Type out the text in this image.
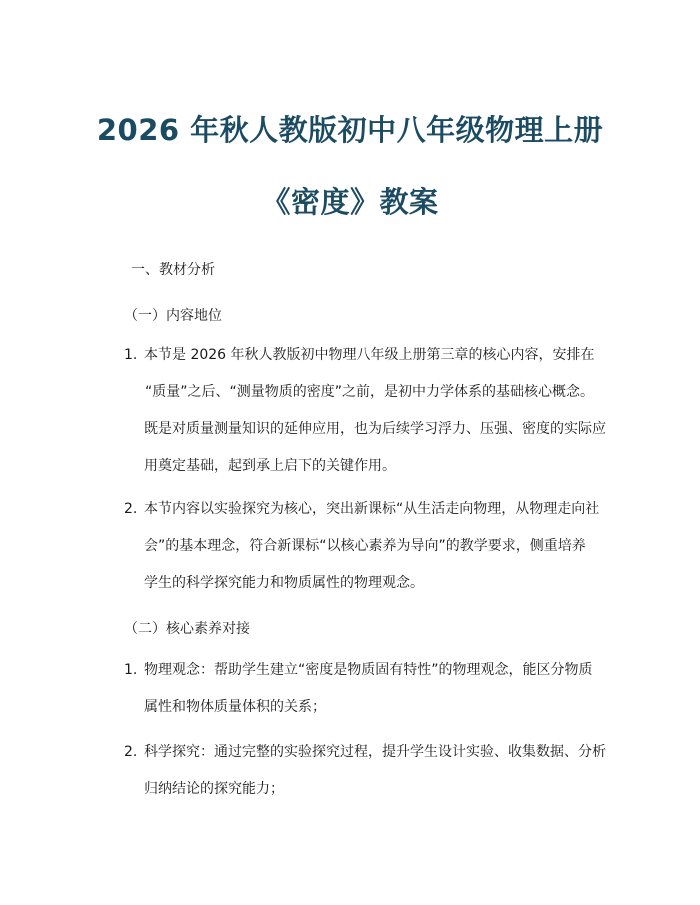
2026 年秋人教版初中八年级物理上册
《密度》教案
一、教材分析
（一）内容地位
1. 本节是 2026 年秋人教版初中物理八年级上册第三章的核心内容，安排在
“质量”之后、“测量物质的密度”之前，是初中力学体系的基础核心概念。
既是对质量测量知识的延伸应用，也为后续学习浮力、压强、密度的实际应
用奠定基础，起到承上启下的关键作用。
2. 本节内容以实验探究为核心，突出新课标“从生活走向物理，从物理走向社
会”的基本理念，符合新课标“以核心素养为导向”的教学要求，侧重培养
学生的科学探究能力和物质属性的物理观念。
（二）核心素养对接
1. 物理观念：帮助学生建立“密度是物质固有特性”的物理观念，能区分物质
属性和物体质量体积的关系；
2. 科学探究：通过完整的实验探究过程，提升学生设计实验、收集数据、分析
归纳结论的探究能力；
